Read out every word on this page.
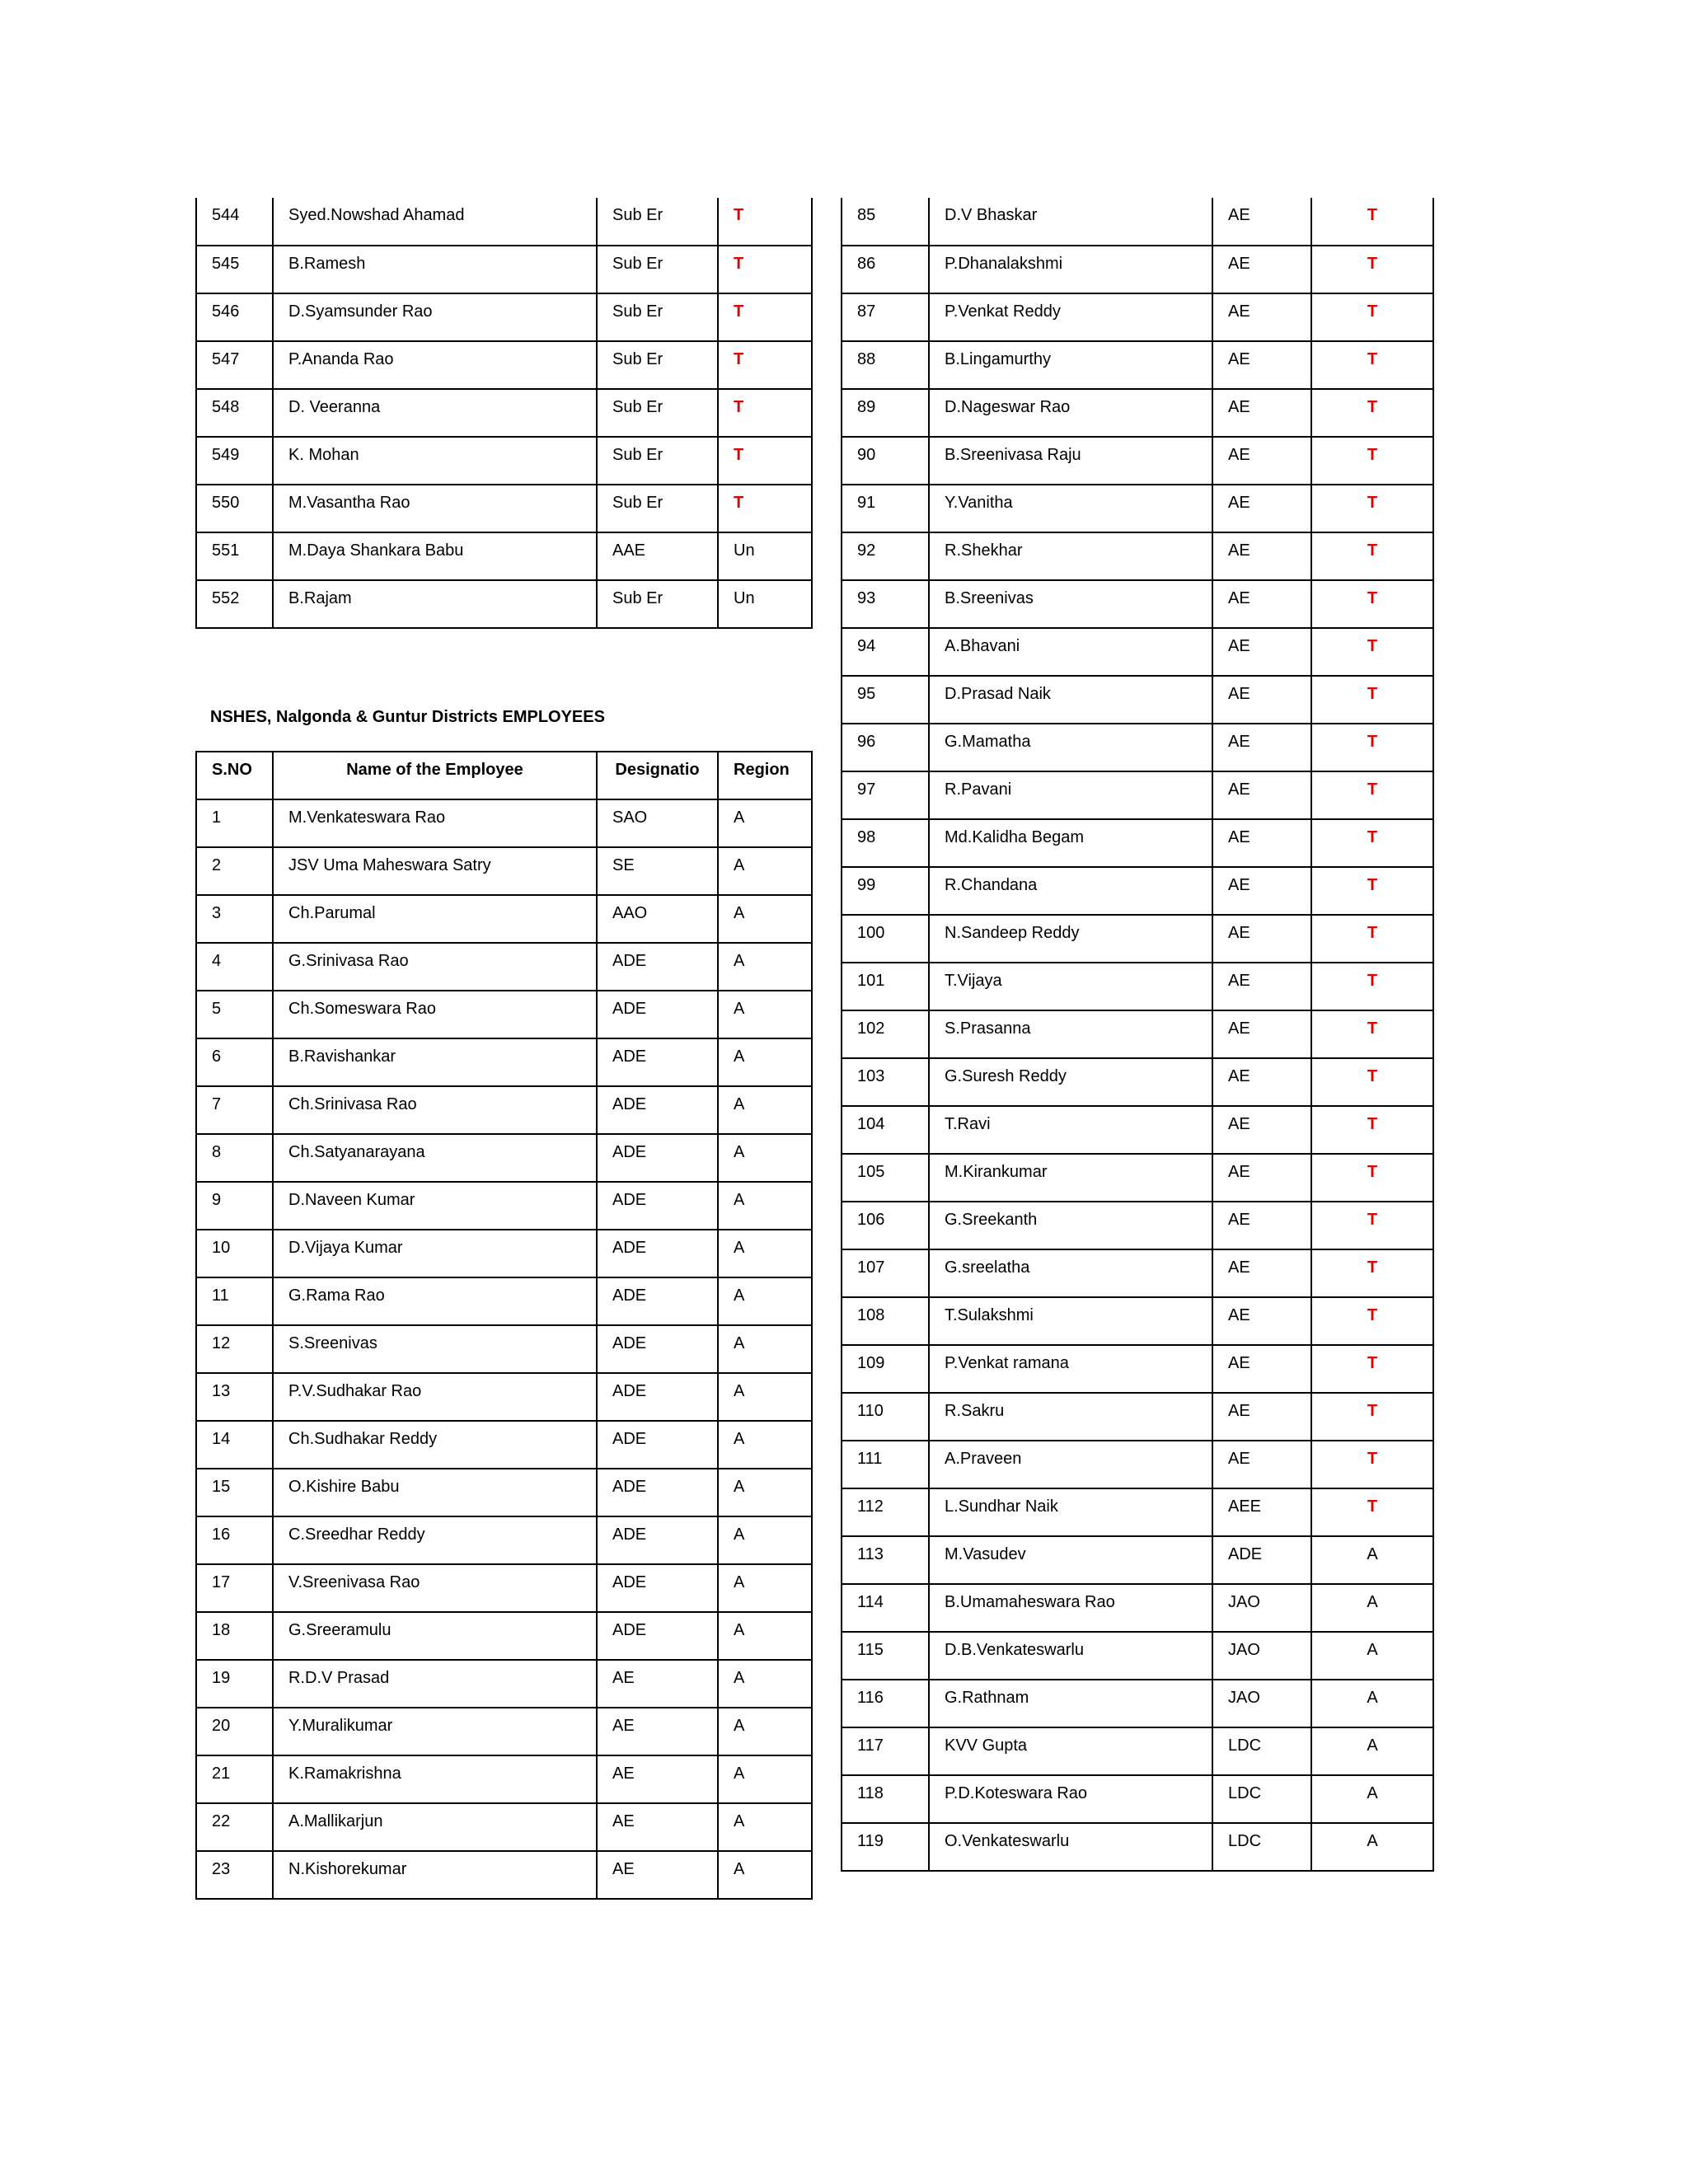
544	Syed.Nowshad Ahamad	Sub Er	T
545	B.Ramesh	Sub Er	T
546	D.Syamsunder Rao	Sub Er	T
547	P.Ananda Rao	Sub Er	T
548	D. Veeranna	Sub Er	T
549	K. Mohan	Sub Er	T
550	M.Vasantha Rao	Sub Er	T
551	M.Daya Shankara Babu	AAE	Un
552	B.Rajam	Sub Er	Un
NSHES, Nalgonda & Guntur Districts EMPLOYEES
S.NO	Name of the Employee	Designatio	Region
1	M.Venkateswara Rao	SAO	A
2	JSV Uma Maheswara Satry	SE	A
3	Ch.Parumal	AAO	A
4	G.Srinivasa Rao	ADE	A
5	Ch.Someswara Rao	ADE	A
6	B.Ravishankar	ADE	A
7	Ch.Srinivasa Rao	ADE	A
8	Ch.Satyanarayana	ADE	A
9	D.Naveen Kumar	ADE	A
10	D.Vijaya Kumar	ADE	A
11	G.Rama Rao	ADE	A
12	S.Sreenivas	ADE	A
13	P.V.Sudhakar Rao	ADE	A
14	Ch.Sudhakar Reddy	ADE	A
15	O.Kishire Babu	ADE	A
16	C.Sreedhar Reddy	ADE	A
17	V.Sreenivasa Rao	ADE	A
18	G.Sreeramulu	ADE	A
19	R.D.V Prasad	AE	A
20	Y.Muralikumar	AE	A
21	K.Ramakrishna	AE	A
22	A.Mallikarjun	AE	A
23	N.Kishorekumar	AE	A
85	D.V Bhaskar	AE	T
86	P.Dhanalakshmi	AE	T
87	P.Venkat Reddy	AE	T
88	B.Lingamurthy	AE	T
89	D.Nageswar Rao	AE	T
90	B.Sreenivasa Raju	AE	T
91	Y.Vanitha	AE	T
92	R.Shekhar	AE	T
93	B.Sreenivas	AE	T
94	A.Bhavani	AE	T
95	D.Prasad Naik	AE	T
96	G.Mamatha	AE	T
97	R.Pavani	AE	T
98	Md.Kalidha Begam	AE	T
99	R.Chandana	AE	T
100	N.Sandeep Reddy	AE	T
101	T.Vijaya	AE	T
102	S.Prasanna	AE	T
103	G.Suresh Reddy	AE	T
104	T.Ravi	AE	T
105	M.Kirankumar	AE	T
106	G.Sreekanth	AE	T
107	G.sreelatha	AE	T
108	T.Sulakshmi	AE	T
109	P.Venkat ramana	AE	T
110	R.Sakru	AE	T
111	A.Praveen	AE	T
112	L.Sundhar Naik	AEE	T
113	M.Vasudev	ADE	A
114	B.Umamaheswara Rao	JAO	A
115	D.B.Venkateswarlu	JAO	A
116	G.Rathnam	JAO	A
117	KVV Gupta	LDC	A
118	P.D.Koteswara Rao	LDC	A
119	O.Venkateswarlu	LDC	A
